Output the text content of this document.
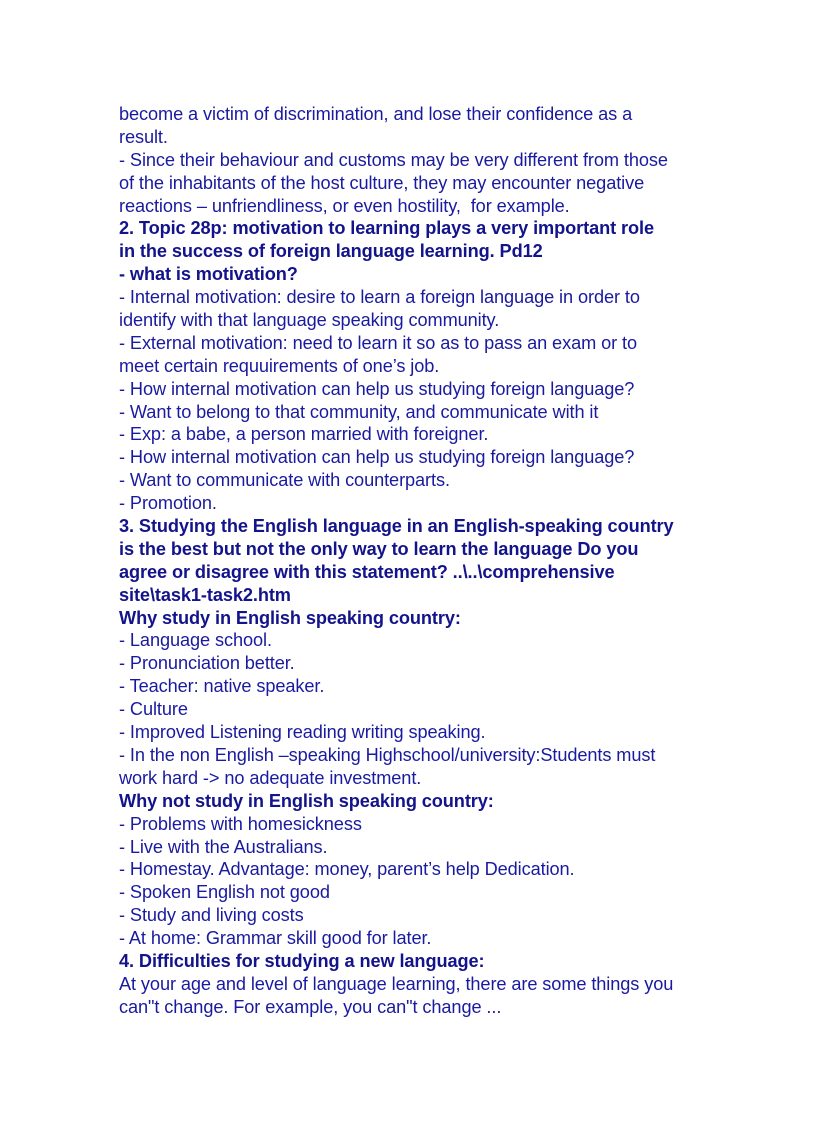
become a victim of discrimination, and lose their confidence as a
result.
- Since their behaviour and customs may be very different from those
of the inhabitants of the host culture, they may encounter negative
reactions – unfriendliness, or even hostility,  for example.
2. Topic 28p: motivation to learning plays a very important role
in the success of foreign language learning. Pd12
- what is motivation?
- Internal motivation: desire to learn a foreign language in order to
identify with that language speaking community.
- External motivation: need to learn it so as to pass an exam or to
meet certain requuirements of one’s job.
- How internal motivation can help us studying foreign language?
- Want to belong to that community, and communicate with it
- Exp: a babe, a person married with foreigner.
- How internal motivation can help us studying foreign language?
- Want to communicate with counterparts.
- Promotion.
3. Studying the English language in an English-speaking country
is the best but not the only way to learn the language Do you
agree or disagree with this statement? ..\..\comprehensive
site\task1-task2.htm
Why study in English speaking country:
- Language school.
- Pronunciation better.
- Teacher: native speaker.
- Culture
- Improved Listening reading writing speaking.
- In the non English –speaking Highschool/university:Students must
work hard -> no adequate investment.
Why not study in English speaking country:
- Problems with homesickness
- Live with the Australians.
- Homestay. Advantage: money, parent’s help Dedication.
- Spoken English not good
- Study and living costs
- At home: Grammar skill good for later.
4. Difficulties for studying a new language:
At your age and level of language learning, there are some things you
can"t change. For example, you can"t change ...
